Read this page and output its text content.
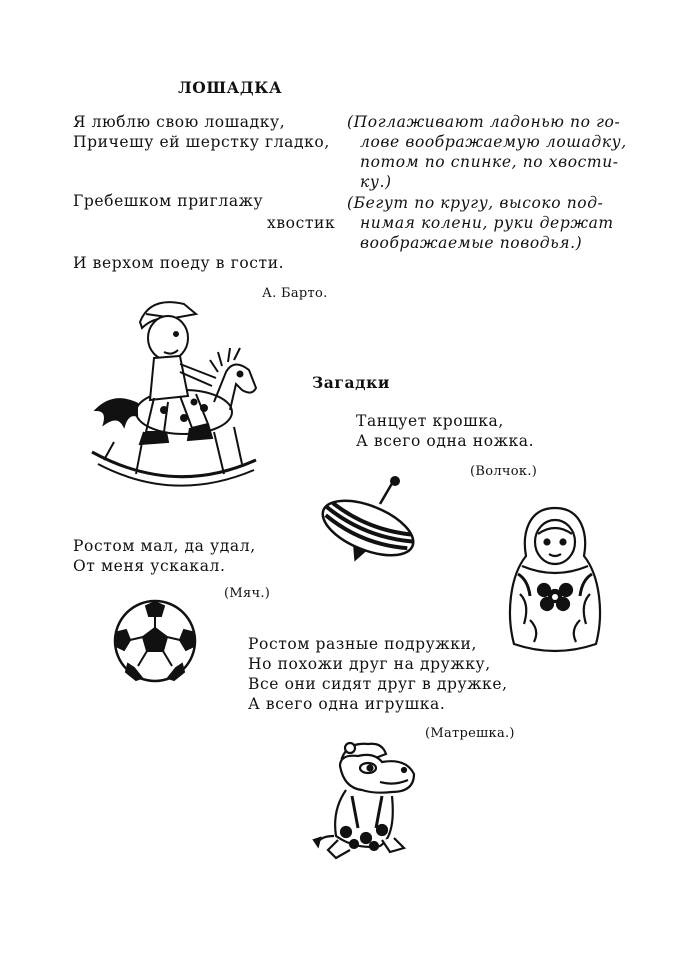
ЛОШАДКА
Я люблю свою лошадку,
Причешу ей шерстку гладко,
Гребешком приглажу
хвостик
И верхом поеду в гости.
(Поглаживают ладонью по го-
лове воображаемую лошадку,
потом по спинке, по хвости-
ку.)
(Бегут по кругу, высоко под-
нимая колени, руки держат
воображаемые поводья.)
А. Барто.
Загадки
Танцует крошка,
А всего одна ножка.
(Волчок.)
Ростом мал, да удал,
От меня ускакал.
(Мяч.)
Ростом разные подружки,
Но похожи друг на дружку,
Все они сидят друг в дружке,
А всего одна игрушка.
(Матрешка.)
